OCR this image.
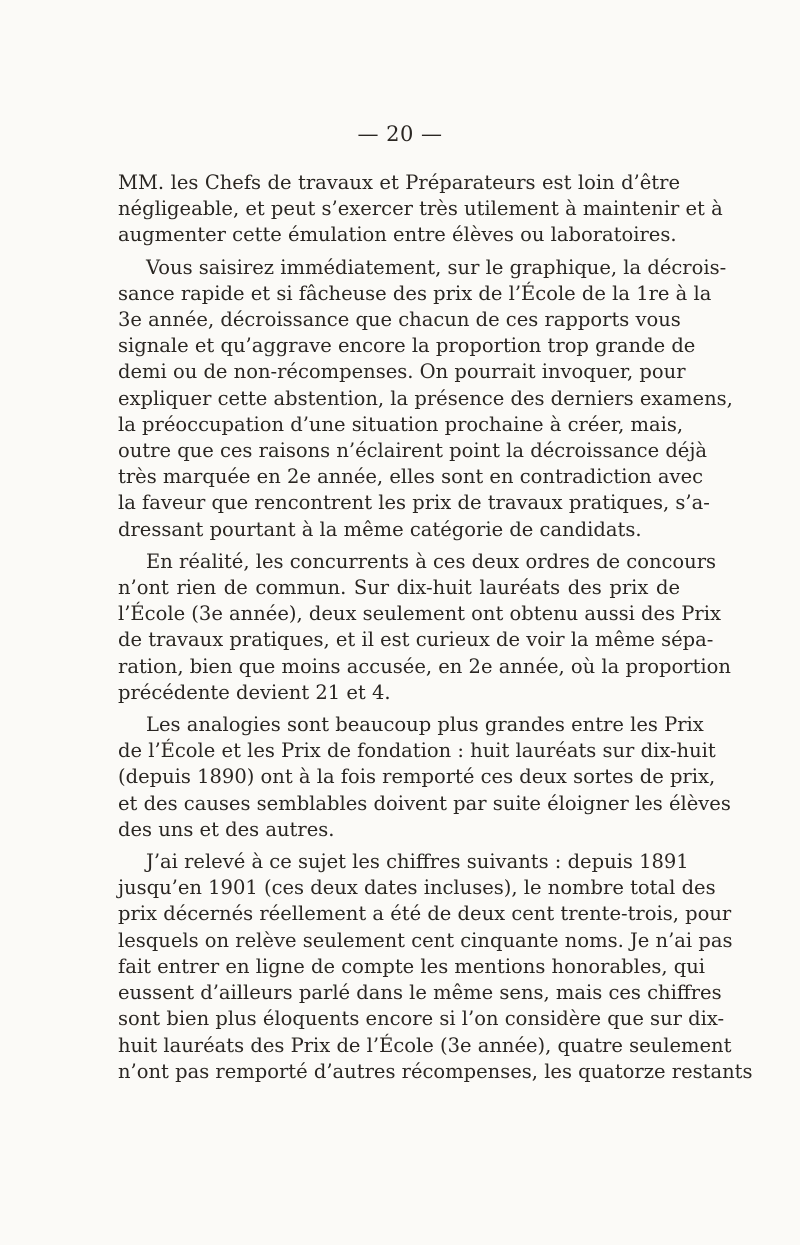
— 20 —
MM. les Chefs de travaux et Préparateurs est loin d’être
négligeable, et peut s’exercer très utilement à maintenir et à
augmenter cette émulation entre élèves ou laboratoires.
Vous saisirez immédiatement, sur le graphique, la décrois-
sance rapide et si fâcheuse des prix de l’École de la 1re à la
3e année, décroissance que chacun de ces rapports vous
signale et qu’aggrave encore la proportion trop grande de
demi ou de non-récompenses. On pourrait invoquer, pour
expliquer cette abstention, la présence des derniers examens,
la préoccupation d’une situation prochaine à créer, mais,
outre que ces raisons n’éclairent point la décroissance déjà
très marquée en 2e année, elles sont en contradiction avec
la faveur que rencontrent les prix de travaux pratiques, s’a-
dressant pourtant à la même catégorie de candidats.
En réalité, les concurrents à ces deux ordres de concours
n’ont rien de commun. Sur dix-huit lauréats des prix de
l’École (3e année), deux seulement ont obtenu aussi des Prix
de travaux pratiques, et il est curieux de voir la même sépa-
ration, bien que moins accusée, en 2e année, où la proportion
précédente devient 21 et 4.
Les analogies sont beaucoup plus grandes entre les Prix
de l’École et les Prix de fondation : huit lauréats sur dix-huit
(depuis 1890) ont à la fois remporté ces deux sortes de prix,
et des causes semblables doivent par suite éloigner les élèves
des uns et des autres.
J’ai relevé à ce sujet les chiffres suivants : depuis 1891
jusqu’en 1901 (ces deux dates incluses), le nombre total des
prix décernés réellement a été de deux cent trente-trois, pour
lesquels on relève seulement cent cinquante noms. Je n’ai pas
fait entrer en ligne de compte les mentions honorables, qui
eussent d’ailleurs parlé dans le même sens, mais ces chiffres
sont bien plus éloquents encore si l’on considère que sur dix-
huit lauréats des Prix de l’École (3e année), quatre seulement
n’ont pas remporté d’autres récompenses, les quatorze restants
